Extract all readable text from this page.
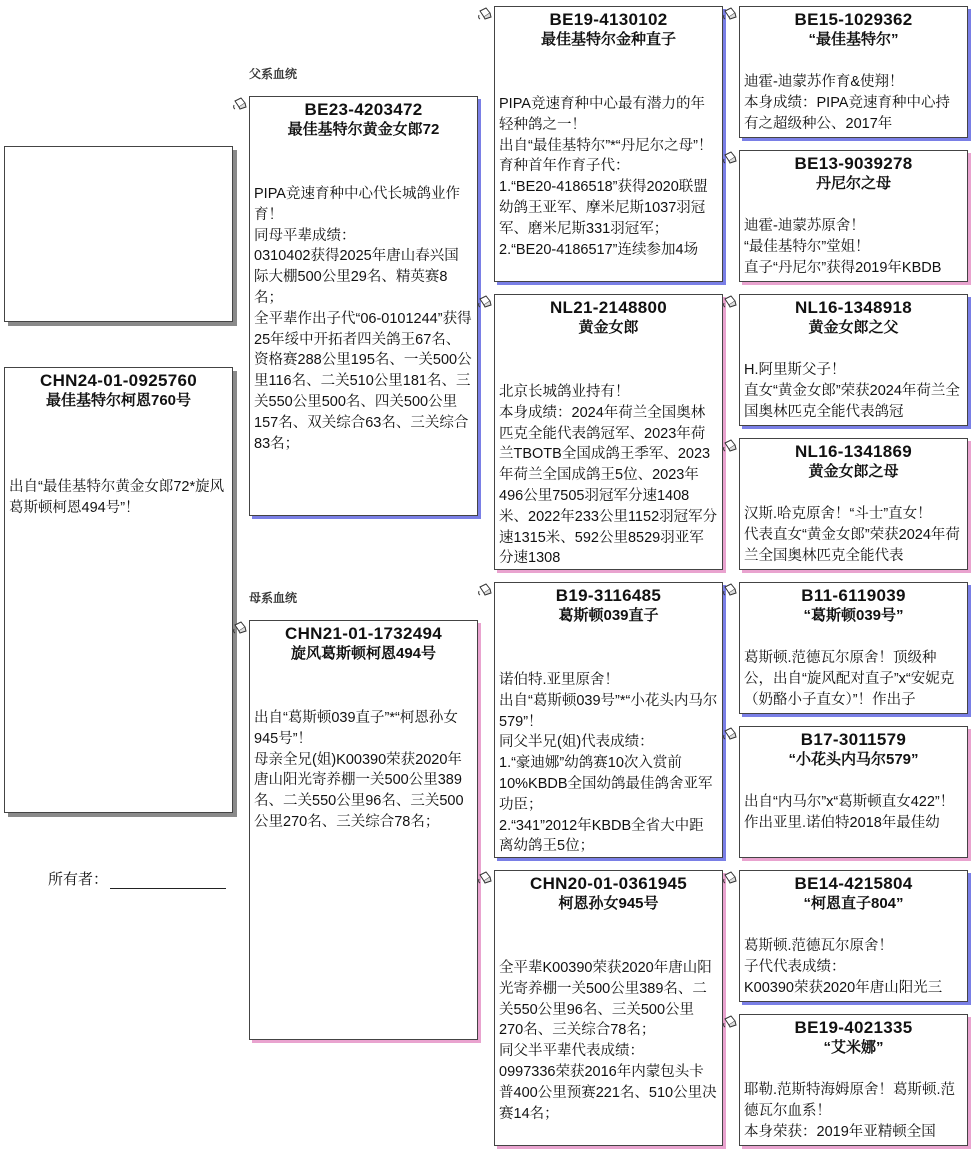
父系血统
母系血统
CHN24-01-0925760
最佳基特尔柯恩760号
出自“最佳基特尔黄金女郎72*旋风葛斯顿柯恩494号”！
所有者：
BE23-4203472
最佳基特尔黄金女郎72
PIPA竞速育种中心代长城鸽业作育！
同母平辈成绩：
0310402获得2025年唐山春兴国际大棚500公里29名、精英赛8名；
全平辈作出子代“06-0101244”获得25年绥中开拓者四关鸽王67名、资格赛288公里195名、一关500公里116名、二关510公里181名、三关550公里500名、四关500公里157名、双关综合63名、三关综合83名；
CHN21-01-1732494
旋风葛斯顿柯恩494号
出自“葛斯顿039直子”*“柯恩孙女945号”！
母亲全兄(姐)K00390荣获2020年唐山阳光寄养棚一关500公里389名、二关550公里96名、三关500公里270名、三关综合78名；
BE19-4130102
最佳基特尔金种直子
PIPA竞速育种中心最有潜力的年轻种鸽之一！
出自“最佳基特尔”*“丹尼尔之母”！
育种首年作育子代：
1.“BE20-4186518”获得2020联盟幼鸽王亚军、摩米尼斯1037羽冠军、磨米尼斯331羽冠军；
2.“BE20-4186517”连续参加4场
NL21-2148800
黄金女郎
北京长城鸽业持有！
本身成绩：2024年荷兰全国奥林匹克全能代表鸽冠军、2023年荷兰TBOTB全国成鸽王季军、2023年荷兰全国成鸽王5位、2023年496公里7505羽冠军分速1408米、2022年233公里1152羽冠军分速1315米、592公里8529羽亚军分速1308
B19-3116485
葛斯顿039直子
诺伯特.亚里原舍！
出自“葛斯顿039号”*“小花头内马尔579”！
同父半兄(姐)代表成绩：
1.“豪迪娜”幼鸽赛10次入赏前10%KBDB全国幼鸽最佳鸽舍亚军功臣；
2.“341”2012年KBDB全省大中距离幼鸽王5位；
CHN20-01-0361945
柯恩孙女945号
全平辈K00390荣获2020年唐山阳光寄养棚一关500公里389名、二关550公里96名、三关500公里270名、三关综合78名；
同父半平辈代表成绩：
0997336荣获2016年内蒙包头卡普400公里预赛221名、510公里决赛14名；
BE15-1029362
“最佳基特尔”
迪霍-迪蒙苏作育&使翔！
本身成绩：PIPA竞速育种中心持有之超级种公、2017年
BE13-9039278
丹尼尔之母
迪霍-迪蒙苏原舍！
“最佳基特尔”堂姐！
直子“丹尼尔”获得2019年KBDB
NL16-1348918
黄金女郎之父
H.阿里斯父子！
直女“黄金女郎”荣获2024年荷兰全国奥林匹克全能代表鸽冠
NL16-1341869
黄金女郎之母
汉斯.哈克原舍！“斗士”直女！
代表直女“黄金女郎”荣获2024年荷兰全国奥林匹克全能代表
B11-6119039
“葛斯顿039号”
葛斯顿.范德瓦尔原舍！顶级种公，出自“旋风配对直子”x“安妮克（奶酪小子直女）”！作出子
B17-3011579
“小花头内马尔579”
出自“内马尔”x“葛斯顿直女422”！
作出亚里.诺伯特2018年最佳幼
BE14-4215804
“柯恩直子804”
葛斯顿.范德瓦尔原舍！
子代代表成绩：
K00390荣获2020年唐山阳光三
BE19-4021335
“艾米娜”
耶勒.范斯特海姆原舍！葛斯顿.范德瓦尔血系！
本身荣获：2019年亚精顿全国
